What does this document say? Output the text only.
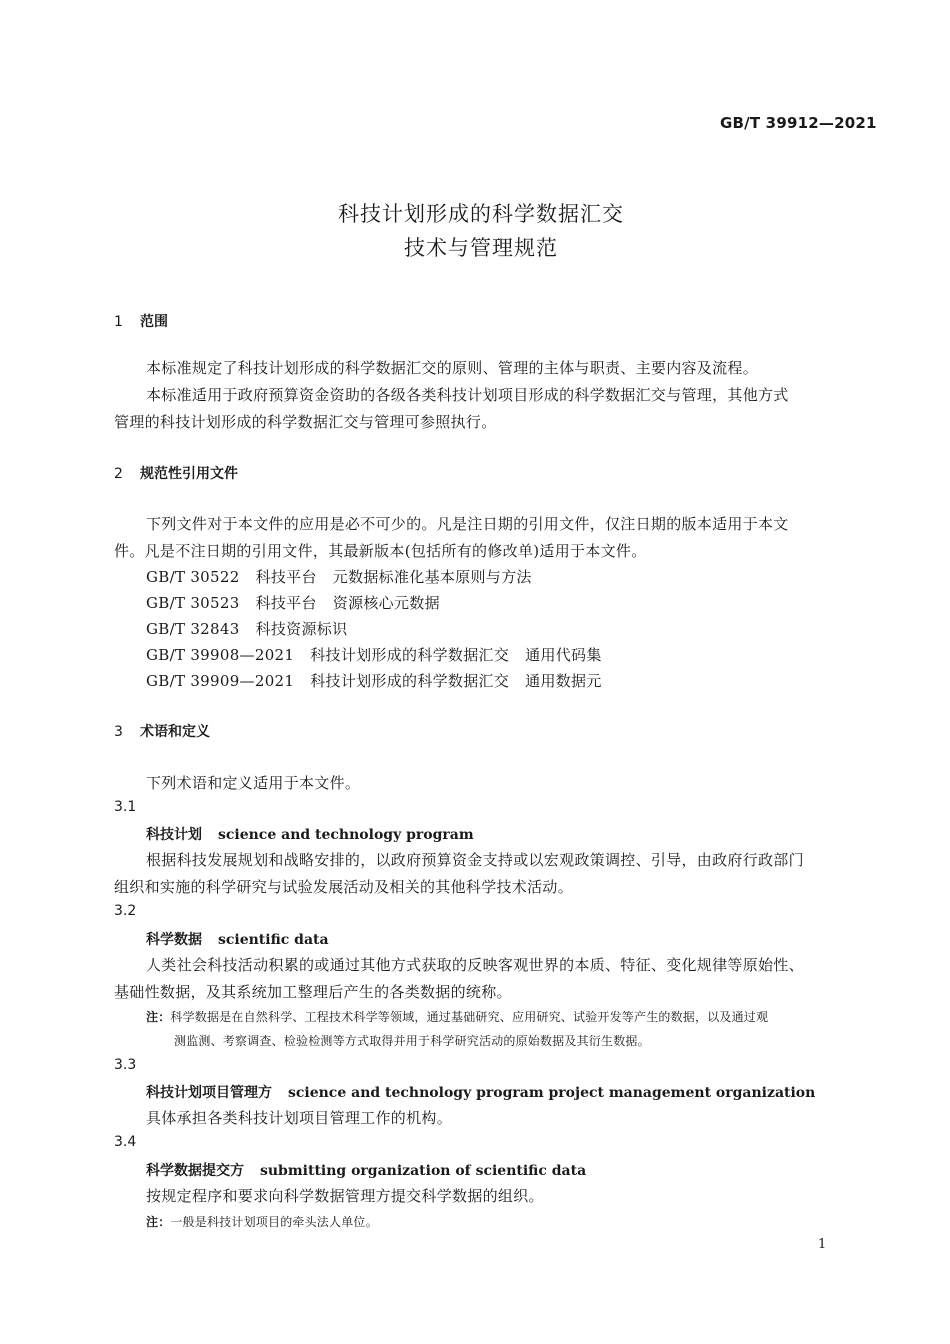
GB/T 39912—2021
科技计划形成的科学数据汇交
技术与管理规范
1 范围
本标准规定了科技计划形成的科学数据汇交的原则、管理的主体与职责、主要内容及流程。
本标准适用于政府预算资金资助的各级各类科技计划项目形成的科学数据汇交与管理，其他方式
管理的科技计划形成的科学数据汇交与管理可参照执行。
2 规范性引用文件
下列文件对于本文件的应用是必不可少的。凡是注日期的引用文件，仅注日期的版本适用于本文
件。凡是不注日期的引用文件，其最新版本(包括所有的修改单)适用于本文件。
GB/T 30522 科技平台 元数据标准化基本原则与方法
GB/T 30523 科技平台 资源核心元数据
GB/T 32843 科技资源标识
GB/T 39908—2021 科技计划形成的科学数据汇交 通用代码集
GB/T 39909—2021 科技计划形成的科学数据汇交 通用数据元
3 术语和定义
下列术语和定义适用于本文件。
3.1
科技计划 science and technology program
根据科技发展规划和战略安排的，以政府预算资金支持或以宏观政策调控、引导，由政府行政部门
组织和实施的科学研究与试验发展活动及相关的其他科学技术活动。
3.2
科学数据 scientific data
人类社会科技活动积累的或通过其他方式获取的反映客观世界的本质、特征、变化规律等原始性、
基础性数据，及其系统加工整理后产生的各类数据的统称。
注：科学数据是在自然科学、工程技术科学等领域，通过基础研究、应用研究、试验开发等产生的数据，以及通过观
测监测、考察调查、检验检测等方式取得并用于科学研究活动的原始数据及其衍生数据。
3.3
科技计划项目管理方 science and technology program project management organization
具体承担各类科技计划项目管理工作的机构。
3.4
科学数据提交方 submitting organization of scientific data
按规定程序和要求向科学数据管理方提交科学数据的组织。
注：一般是科技计划项目的牵头法人单位。
1
